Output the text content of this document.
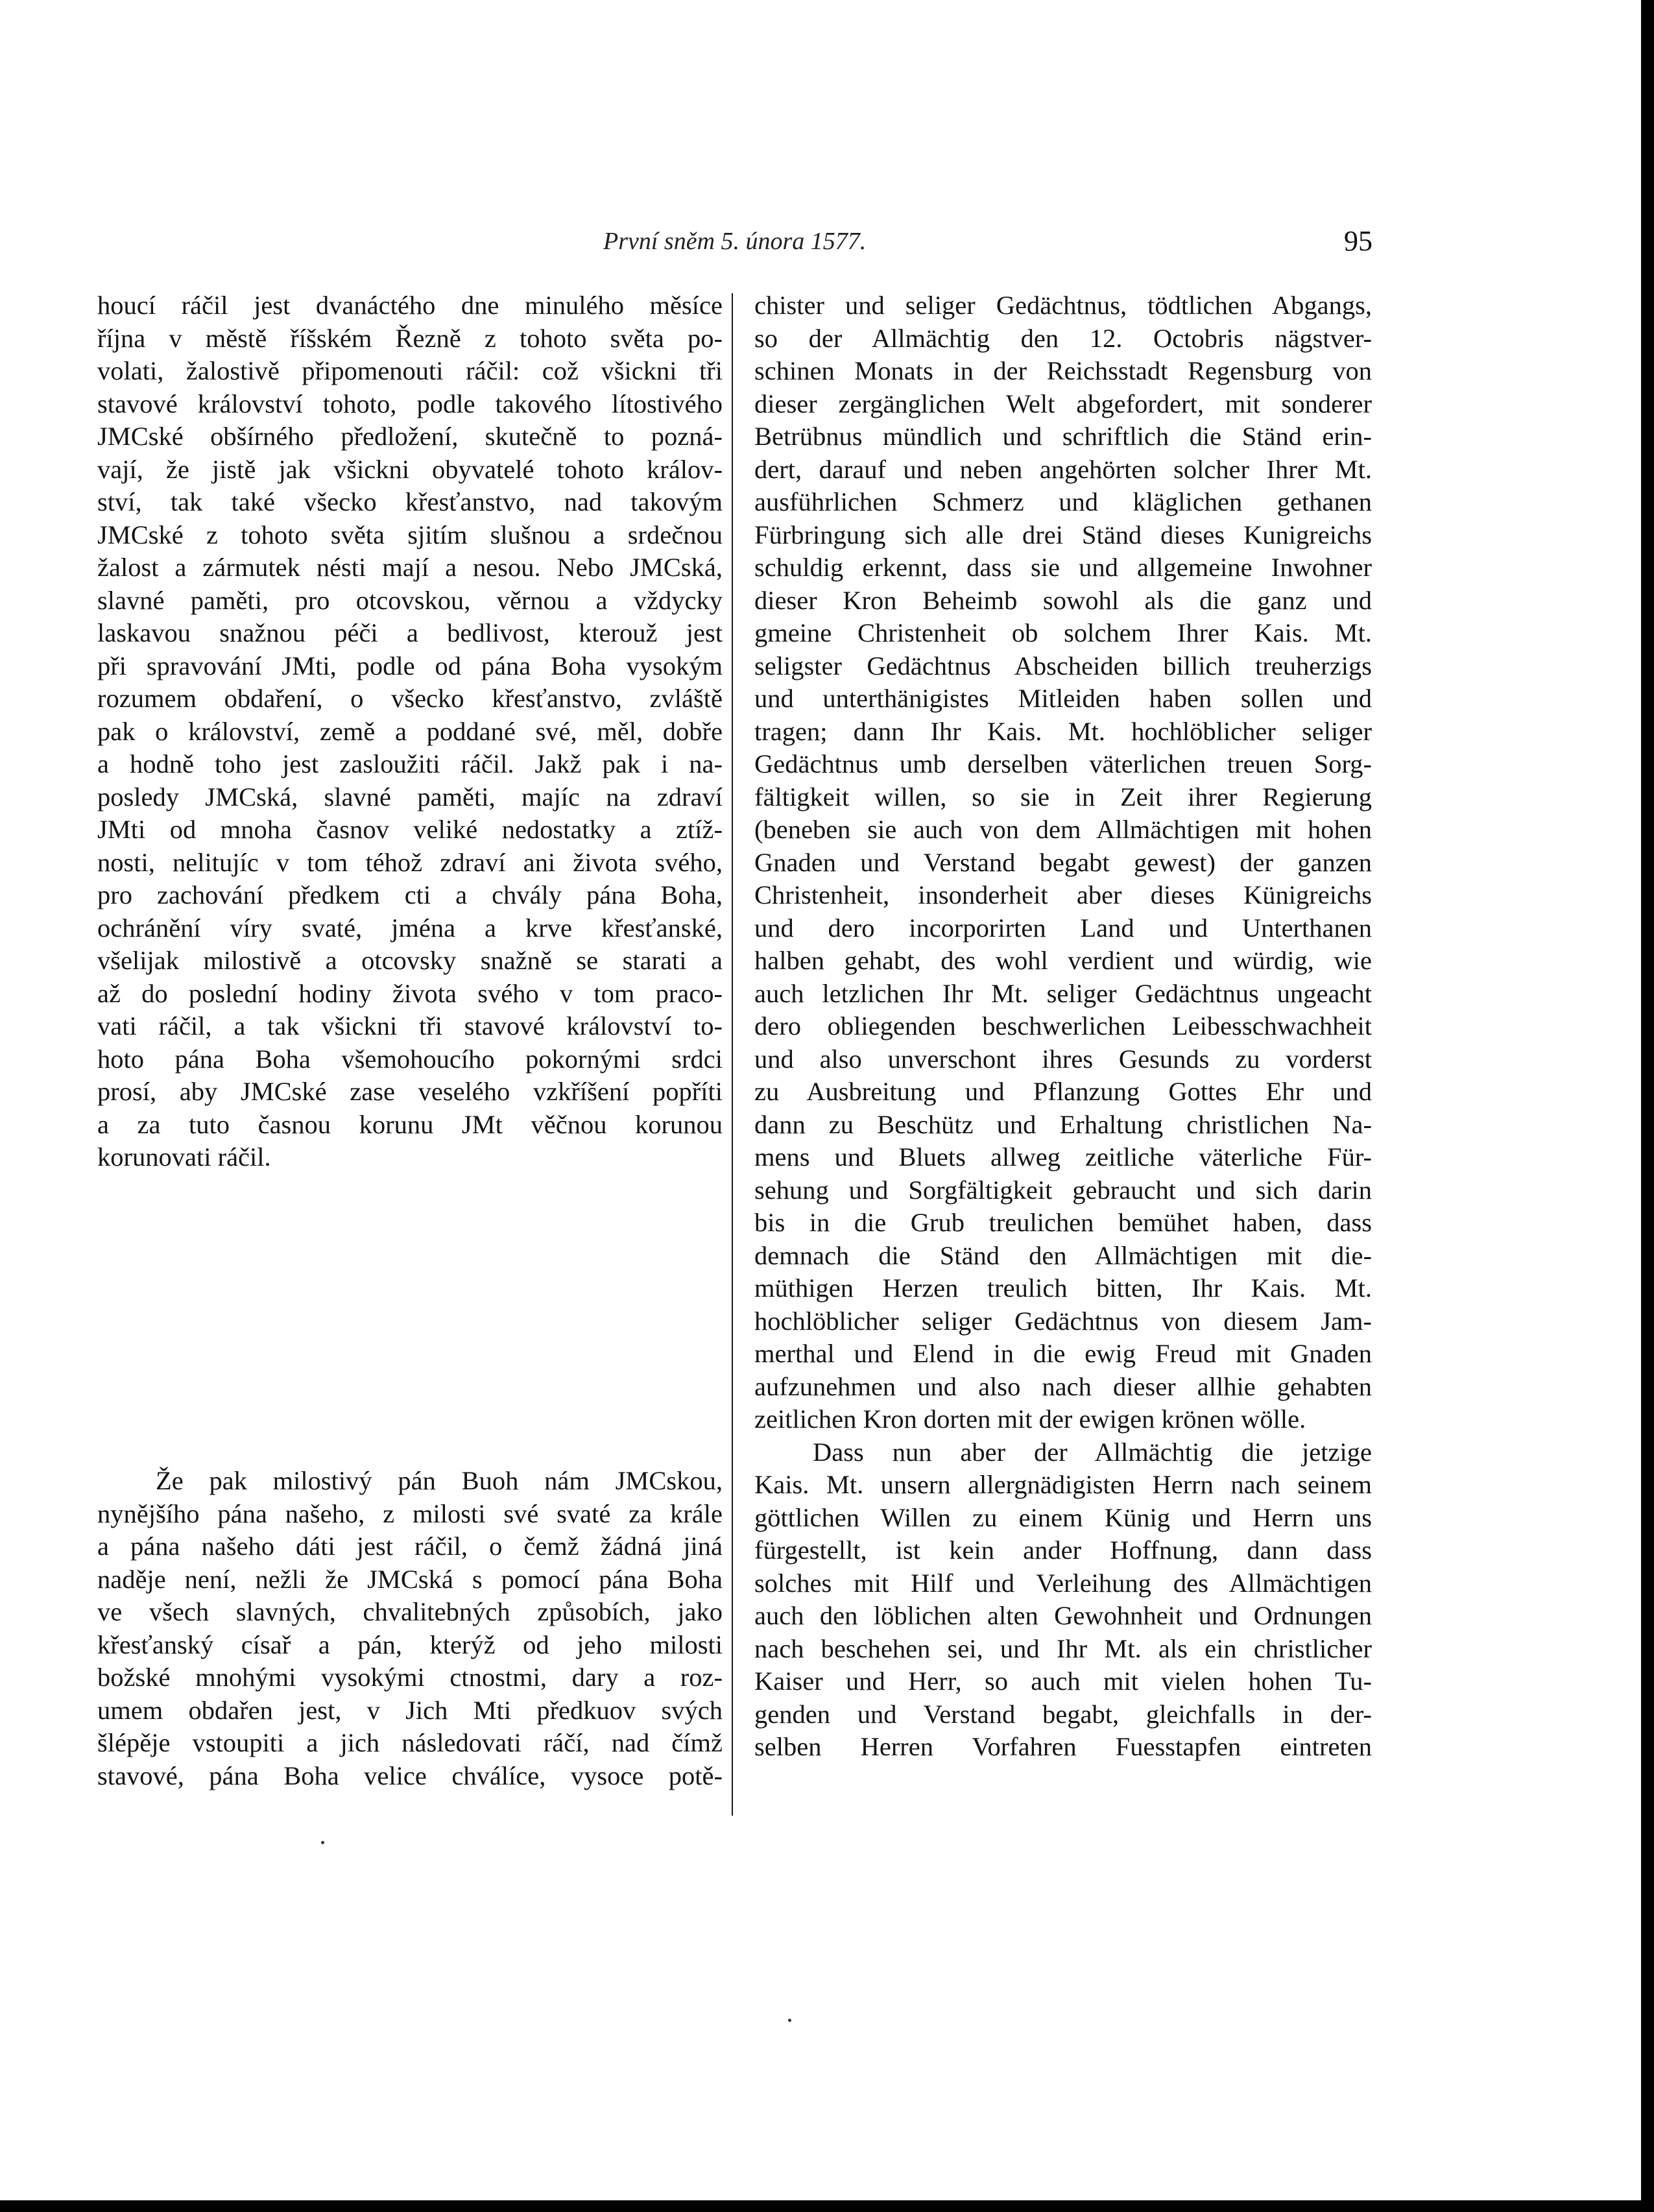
První sněm 5. února 1577.	95
houcí ráčil jest dvanáctého dne minulého měsíce
října v městě říšském Řezně z tohoto světa po-
volati, žalostivě připomenouti ráčil: což všickni tři
stavové království tohoto, podle takového lítostivého
JMCské obšírného předložení, skutečně to pozná-
vají, že jistě jak všickni obyvatelé tohoto králov-
ství, tak také všecko křesťanstvo, nad takovým
JMCské z tohoto světa sjitím slušnou a srdečnou
žalost a zármutek nésti mají a nesou. Nebo JMCská,
slavné paměti, pro otcovskou, věrnou a vždycky
laskavou snažnou péči a bedlivost, kterouž jest
při spravování JMti, podle od pána Boha vysokým
rozumem obdaření, o všecko křesťanstvo, zvláště
pak o království, země a poddané své, měl, dobře
a hodně toho jest zasloužiti ráčil. Jakž pak i na-
posledy JMCská, slavné paměti, majíc na zdraví
JMti od mnoha časnov veliké nedostatky a ztíž-
nosti, nelitujíc v tom téhož zdraví ani života svého,
pro zachování předkem cti a chvály pána Boha,
ochránění víry svaté, jména a krve křesťanské,
všelijak milostivě a otcovsky snažně se starati a
až do poslední hodiny života svého v tom praco-
vati ráčil, a tak všickni tři stavové království to-
hoto pána Boha všemohoucího pokornými srdci
prosí, aby JMCské zase veselého vzkříšení popříti
a za tuto časnou korunu JMt věčnou korunou
korunovati ráčil.
Že pak milostivý pán Buoh nám JMCskou,
nynějšího pána našeho, z milosti své svaté za krále
a pána našeho dáti jest ráčil, o čemž žádná jiná
naděje není, nežli že JMCská s pomocí pána Boha
ve všech slavných, chvalitebných způsobích, jako
křesťanský císař a pán, kterýž od jeho milosti
božské mnohými vysokými ctnostmi, dary a roz-
umem obdařen jest, v Jich Mti předkuov svých
šlépěje vstoupiti a jich následovati ráčí, nad čímž
stavové, pána Boha velice chválíce, vysoce potě-
chister und seliger Gedächtnus, tödtlichen Abgangs,
so der Allmächtig den 12. Octobris nägstver-
schinen Monats in der Reichsstadt Regensburg von
dieser zergänglichen Welt abgefordert, mit sonderer
Betrübnus mündlich und schriftlich die Ständ erin-
dert, darauf und neben angehörten solcher Ihrer Mt.
ausführlichen Schmerz und kläglichen gethanen
Fürbringung sich alle drei Ständ dieses Kunigreichs
schuldig erkennt, dass sie und allgemeine Inwohner
dieser Kron Beheimb sowohl als die ganz und
gmeine Christenheit ob solchem Ihrer Kais. Mt.
seligster Gedächtnus Abscheiden billich treuherzigs
und unterthänigistes Mitleiden haben sollen und
tragen; dann Ihr Kais. Mt. hochlöblicher seliger
Gedächtnus umb derselben väterlichen treuen Sorg-
fältigkeit willen, so sie in Zeit ihrer Regierung
(beneben sie auch von dem Allmächtigen mit hohen
Gnaden und Verstand begabt gewest) der ganzen
Christenheit, insonderheit aber dieses Künigreichs
und dero incorporirten Land und Unterthanen
halben gehabt, des wohl verdient und würdig, wie
auch letzlichen Ihr Mt. seliger Gedächtnus ungeacht
dero obliegenden beschwerlichen Leibesschwachheit
und also unverschont ihres Gesunds zu vorderst
zu Ausbreitung und Pflanzung Gottes Ehr und
dann zu Beschütz und Erhaltung christlichen Na-
mens und Bluets allweg zeitliche väterliche Für-
sehung und Sorgfältigkeit gebraucht und sich darin
bis in die Grub treulichen bemühet haben, dass
demnach die Ständ den Allmächtigen mit die-
müthigen Herzen treulich bitten, Ihr Kais. Mt.
hochlöblicher seliger Gedächtnus von diesem Jam-
merthal und Elend in die ewig Freud mit Gnaden
aufzunehmen und also nach dieser allhie gehabten
zeitlichen Kron dorten mit der ewigen krönen wölle.
Dass nun aber der Allmächtig die jetzige
Kais. Mt. unsern allergnädigisten Herrn nach seinem
göttlichen Willen zu einem Künig und Herrn uns
fürgestellt, ist kein ander Hoffnung, dann dass
solches mit Hilf und Verleihung des Allmächtigen
auch den löblichen alten Gewohnheit und Ordnungen
nach beschehen sei, und Ihr Mt. als ein christlicher
Kaiser und Herr, so auch mit vielen hohen Tu-
genden und Verstand begabt, gleichfalls in der-
selben Herren Vorfahren Fuesstapfen eintreten
